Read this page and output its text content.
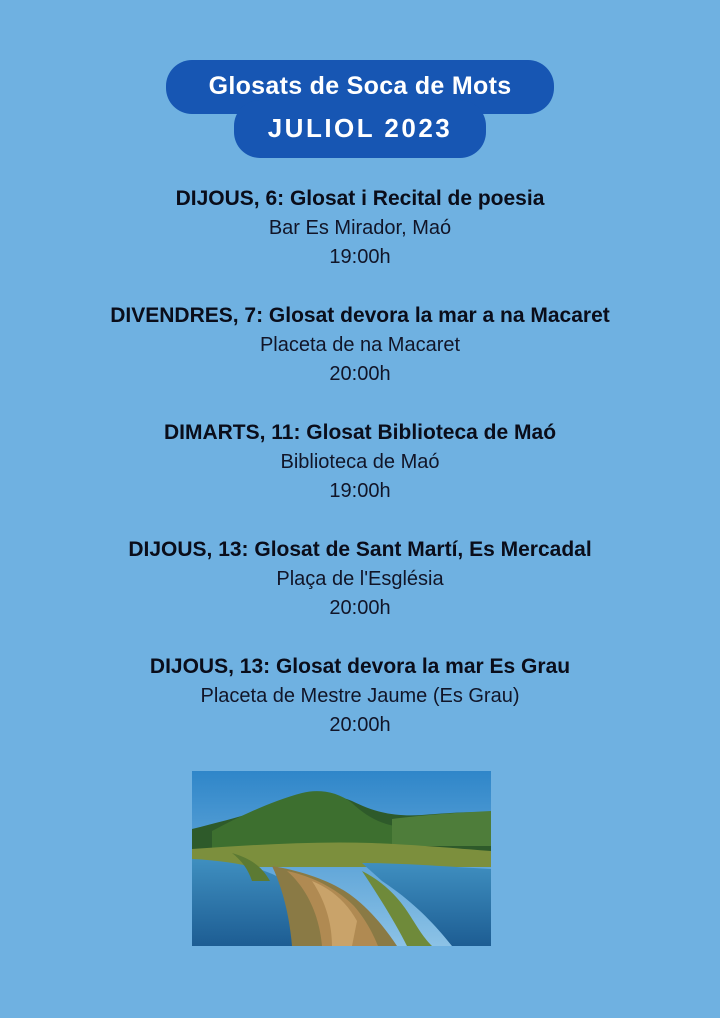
Glosats de Soca de Mots
JULIOL 2023
DIJOUS, 6: Glosat i Recital de poesia
Bar Es Mirador, Maó
19:00h
DIVENDRES, 7: Glosat devora la mar a na Macaret
Placeta de na Macaret
20:00h
DIMARTS, 11: Glosat Biblioteca de Maó
Biblioteca de Maó
19:00h
DIJOUS, 13: Glosat de Sant Martí, Es Mercadal
Plaça de l'Església
20:00h
DIJOUS, 13: Glosat devora la mar Es Grau
Placeta de Mestre Jaume (Es Grau)
20:00h
